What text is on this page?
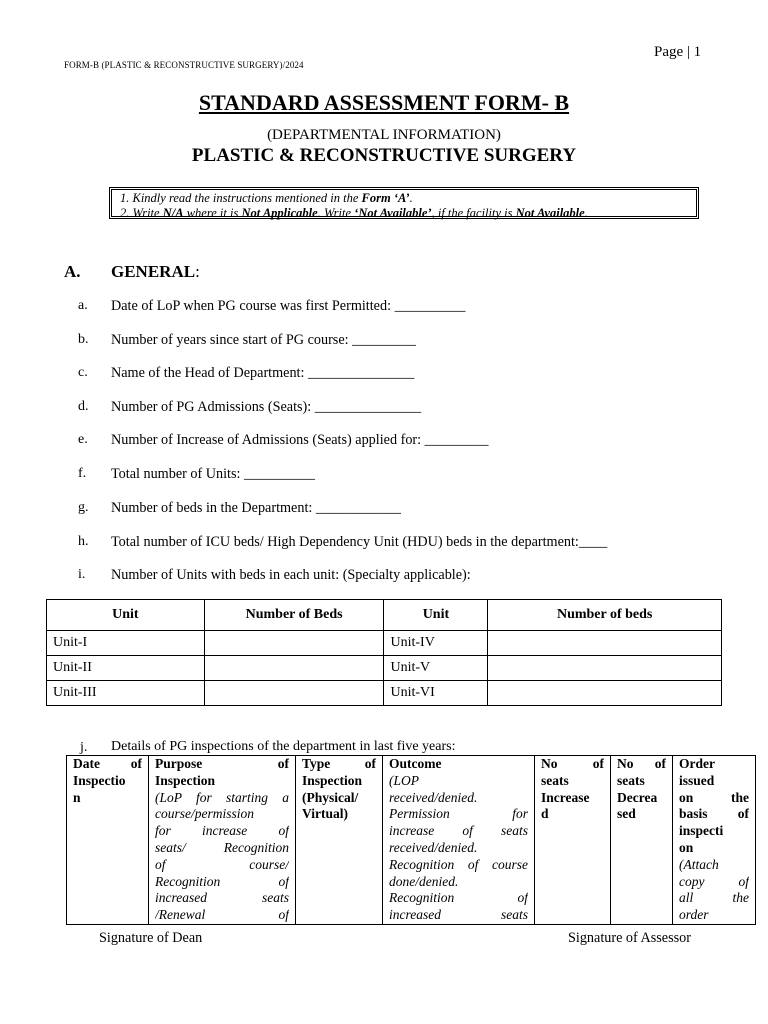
Page | 1
FORM-B (PLASTIC & RECONSTRUCTIVE SURGERY)/2024
STANDARD ASSESSMENT FORM- B
(DEPARTMENTAL INFORMATION)
PLASTIC & RECONSTRUCTIVE SURGERY
1. Kindly read the instructions mentioned in the Form ‘A’.
2. Write N/A where it is Not Applicable. Write ‘Not Available’, if the facility is Not Available.
A. GENERAL:
a. Date of LoP when PG course was first Permitted: __________
b. Number of years since start of PG course: _________
c. Name of the Head of Department: _______________
d. Number of PG Admissions (Seats): _______________
e. Number of Increase of Admissions (Seats) applied for: _________
f. Total number of Units: __________
g. Number of beds in the Department: ____________
h. Total number of ICU beds/ High Dependency Unit (HDU) beds in the department:____
i. Number of Units with beds in each unit: (Specialty applicable):
Unit	Number of Beds	Unit	Number of beds
Unit-I		Unit-IV	
Unit-II		Unit-V	
Unit-III		Unit-VI	
j. Details of PG inspections of the department in last five years:
Date of
Inspectio
n

Purpose of
Inspection
(LoP for starting a
course/permission
for increase of
seats/ Recognition
of course/
Recognition of
increased seats
/Renewal of

Type of
Inspection
(Physical/
Virtual)

Outcome
(LOP
received/denied.
Permission for
increase of seats
received/denied.
Recognition of course
done/denied.
Recognition of
increased seats

No of
seats
Increase
d

No of
seats
Decrea
sed

Order
issued
on the
basis of
inspecti
on
(Attach
copy of
all the
order
Signature of Dean	Signature of Assessor
